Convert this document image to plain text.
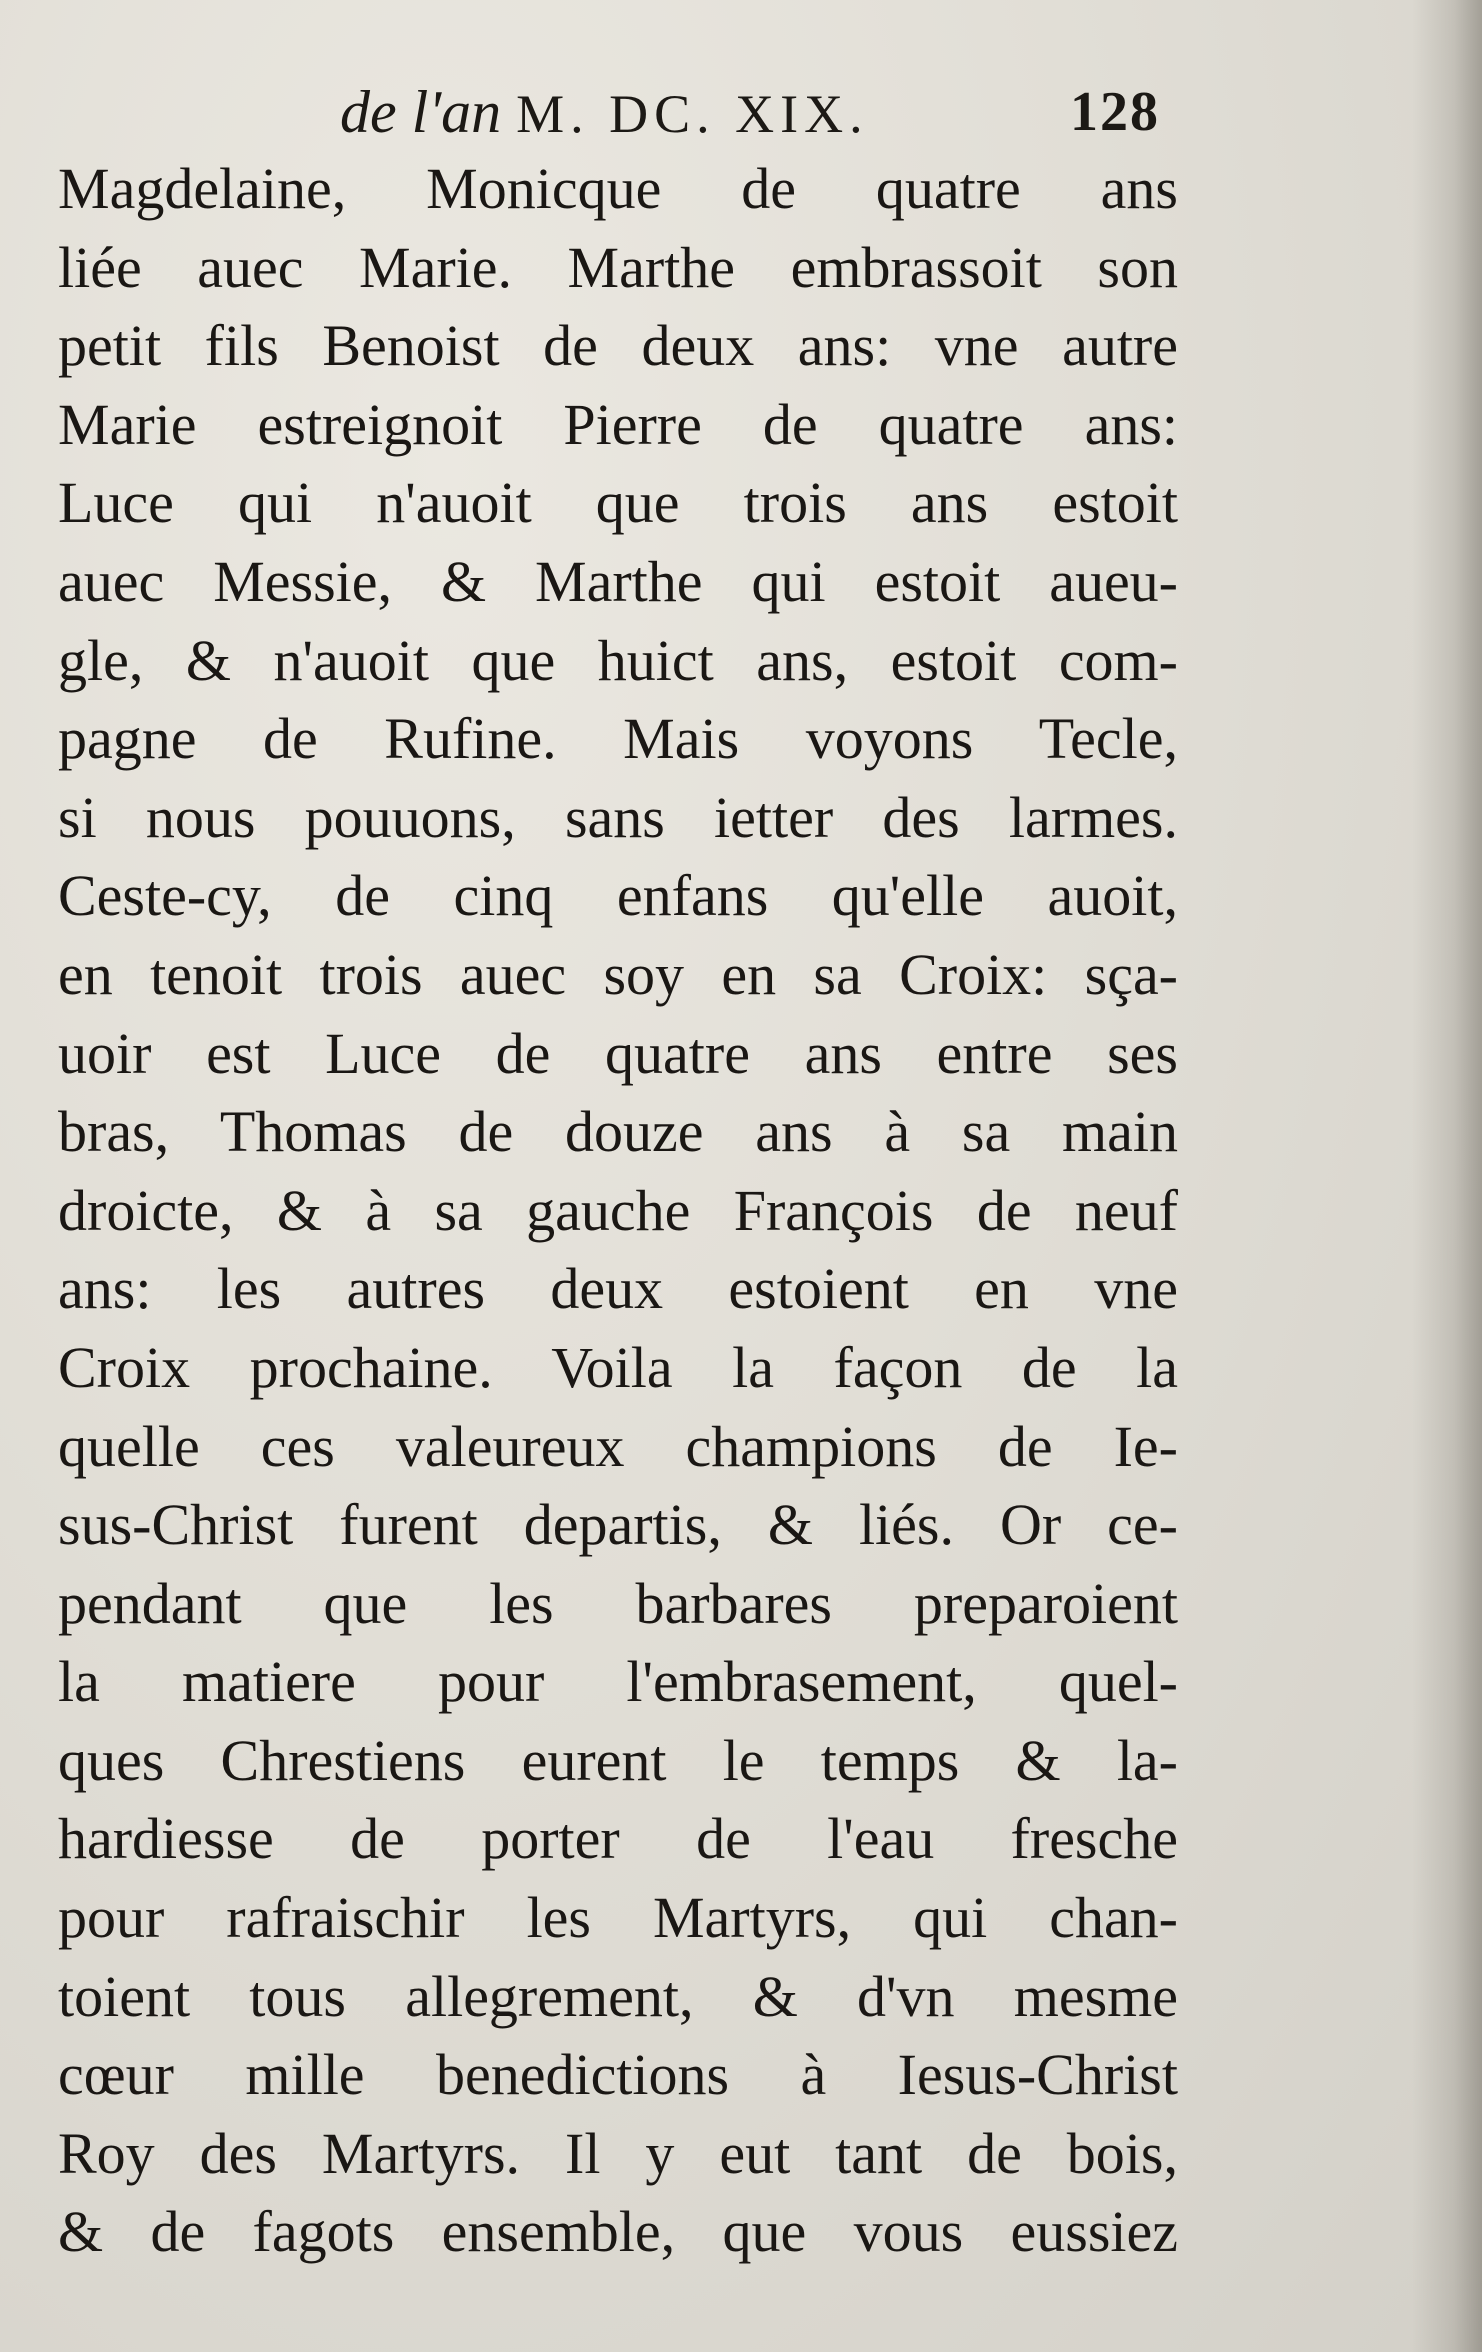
de l'an M. DC. XIX.	128
Magdelaine, Monicque de quatre ans
liée auec Marie. Marthe embrassoit son
petit fils Benoist de deux ans: vne autre
Marie estreignoit Pierre de quatre ans:
Luce qui n'auoit que trois ans estoit
auec Messie, & Marthe qui estoit aueu-
gle, & n'auoit que huict ans, estoit com-
pagne de Rufine. Mais voyons Tecle,
si nous pouuons, sans ietter des larmes.
Ceste-cy, de cinq enfans qu'elle auoit,
en tenoit trois auec soy en sa Croix: sça-
uoir est Luce de quatre ans entre ses
bras, Thomas de douze ans à sa main
droicte, & à sa gauche François de neuf
ans: les autres deux estoient en vne
Croix prochaine. Voila la façon de la
quelle ces valeureux champions de Ie-
sus-Christ furent departis, & liés. Or ce-
pendant que les barbares preparoient
la matiere pour l'embrasement, quel-
ques Chrestiens eurent le temps & la-
hardiesse de porter de l'eau fresche
pour rafraischir les Martyrs, qui chan-
toient tous allegrement, & d'vn mesme
cœur mille benedictions à Iesus-Christ
Roy des Martyrs. Il y eut tant de bois,
& de fagots ensemble, que vous eussiez
